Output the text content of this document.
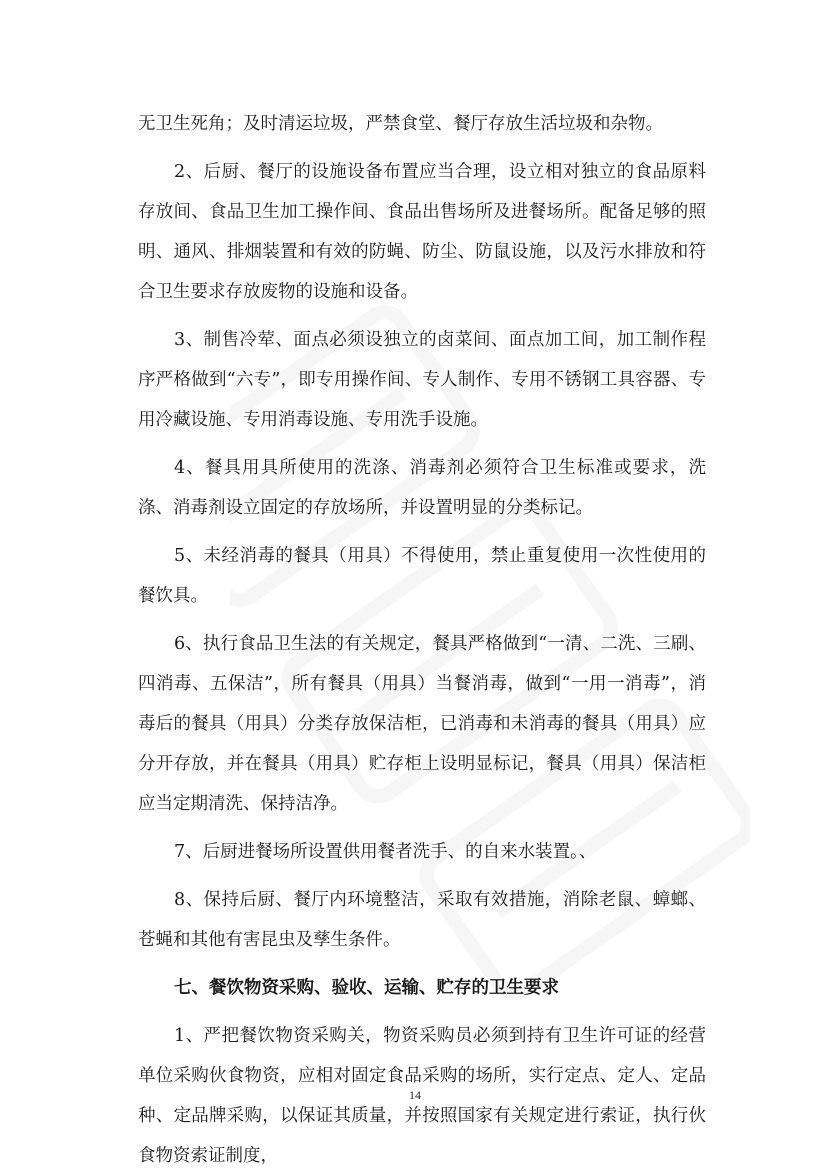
无卫生死角；及时清运垃圾，严禁食堂、餐厅存放生活垃圾和杂物。

2、后厨、餐厅的设施设备布置应当合理，设立相对独立的食品原料存放间、食品卫生加工操作间、食品出售场所及进餐场所。配备足够的照明、通风、排烟装置和有效的防蝇、防尘、防鼠设施，以及污水排放和符合卫生要求存放废物的设施和设备。

3、制售冷荤、面点必须设独立的卤菜间、面点加工间，加工制作程序严格做到“六专”，即专用操作间、专人制作、专用不锈钢工具容器、专用冷藏设施、专用消毒设施、专用洗手设施。

4、餐具用具所使用的洗涤、消毒剂必须符合卫生标准或要求，洗涤、消毒剂设立固定的存放场所，并设置明显的分类标记。

5、未经消毒的餐具（用具）不得使用，禁止重复使用一次性使用的餐饮具。

6、执行食品卫生法的有关规定，餐具严格做到“一清、二洗、三刷、四消毒、五保洁”，所有餐具（用具）当餐消毒，做到“一用一消毒”，消毒后的餐具（用具）分类存放保洁柜，已消毒和未消毒的餐具（用具）应分开存放，并在餐具（用具）贮存柜上设明显标记，餐具（用具）保洁柜应当定期清洗、保持洁净。

7、后厨进餐场所设置供用餐者洗手、的自来水装置。、

8、保持后厨、餐厅内环境整洁，采取有效措施，消除老鼠、蟑螂、苍蝇和其他有害昆虫及孳生条件。

七、餐饮物资采购、验收、运输、贮存的卫生要求

1、严把餐饮物资采购关，物资采购员必须到持有卫生许可证的经营单位采购伙食物资，应相对固定食品采购的场所，实行定点、定人、定品种、定品牌采购，以保证其质量，并按照国家有关规定进行索证，执行伙食物资索证制度，

14
